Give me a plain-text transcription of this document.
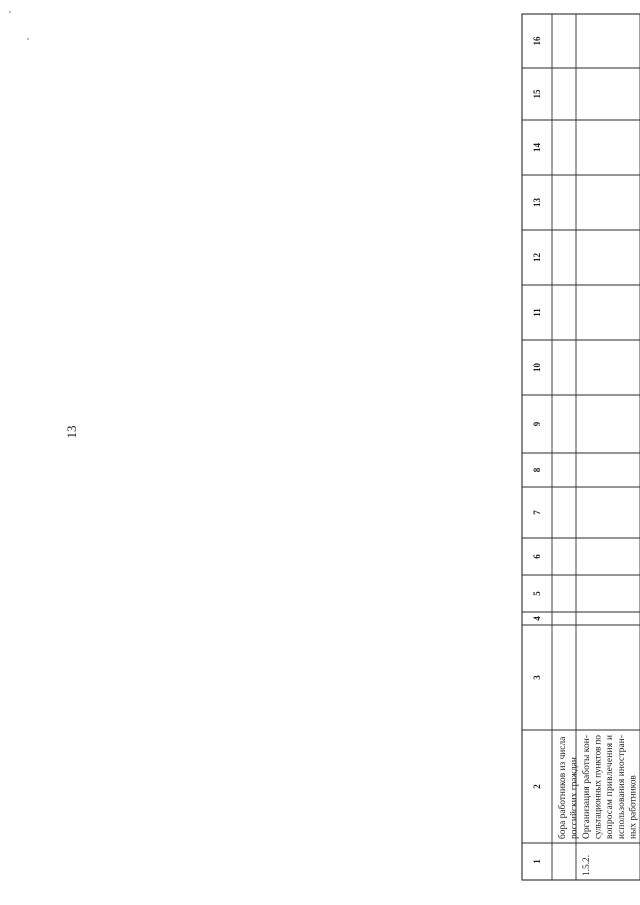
13
1
2
3
4
5
6
7
8
9
10
11
12
13
14
15
16
бора работников из числа российских граждан
1.5.2.
Организация работы кон-
сультационных пунктов по
вопросам привлечения и
использования иностран-
ных работников
